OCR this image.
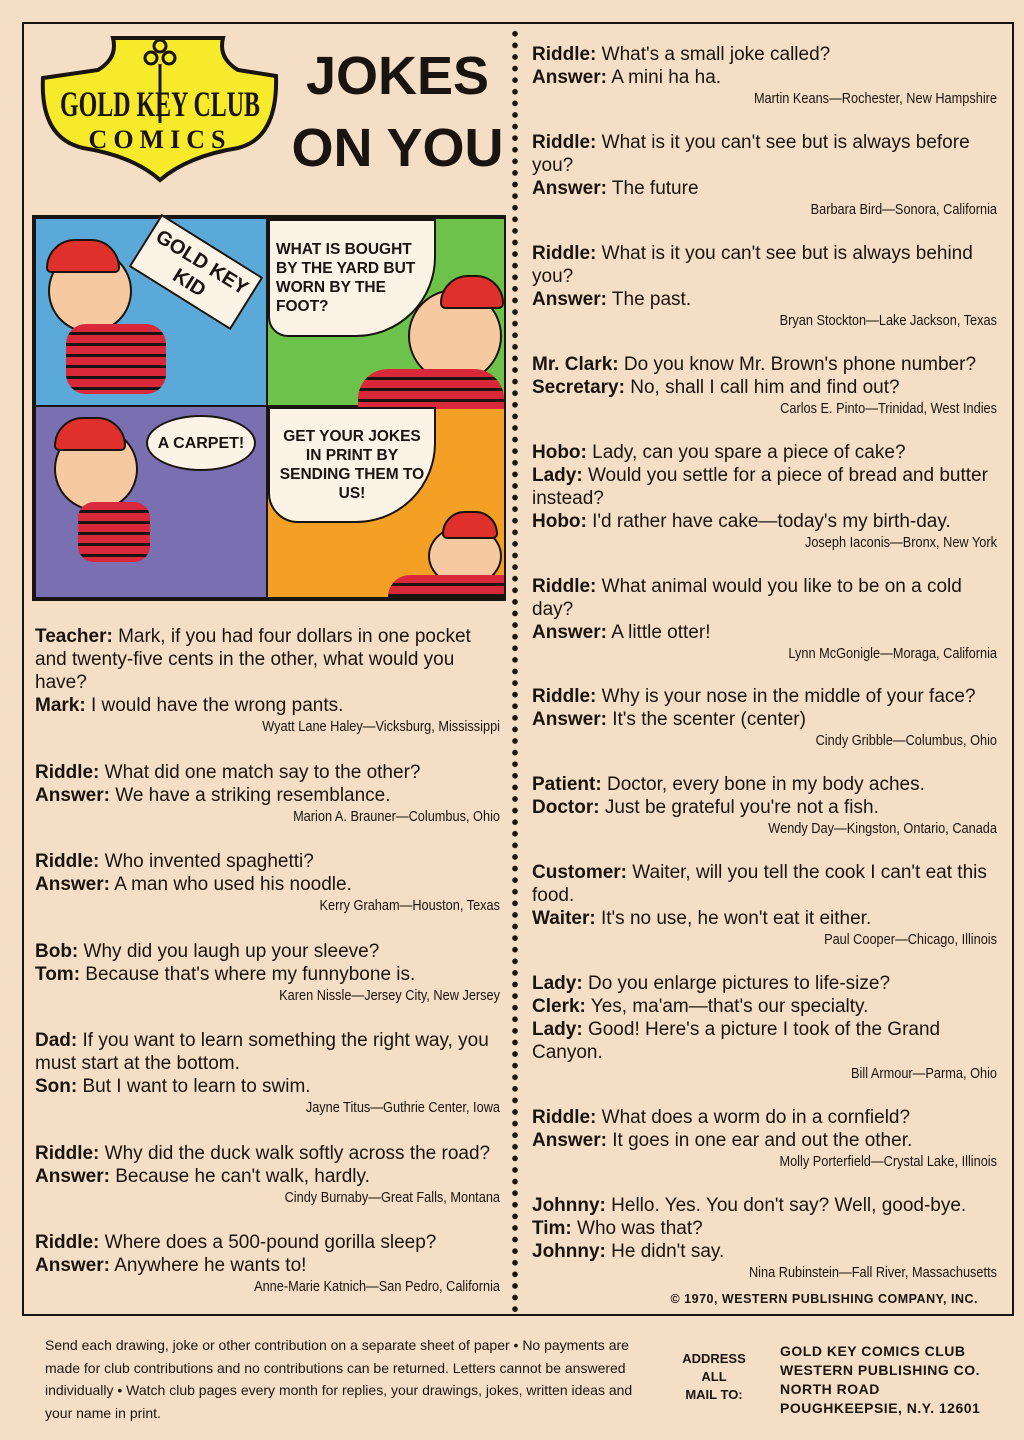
GOLD KEY CLUB
COMICS
JOKES
ON YOU
GOLD KEY KID
WHAT IS BOUGHT BY THE YARD BUT WORN BY THE FOOT?
A CARPET!	GET YOUR JOKES IN PRINT BY SENDING THEM TO US!
Teacher: Mark, if you had four dollars in one pocket and twenty-five cents in the other, what would you have?
Mark: I would have the wrong pants.
Wyatt Lane Haley—Vicksburg, Mississippi
Riddle: What did one match say to the other?
Answer: We have a striking resemblance.
Marion A. Brauner—Columbus, Ohio
Riddle: Who invented spaghetti?
Answer: A man who used his noodle.
Kerry Graham—Houston, Texas
Bob: Why did you laugh up your sleeve?
Tom: Because that's where my funnybone is.
Karen Nissle—Jersey City, New Jersey
Dad: If you want to learn something the right way, you must start at the bottom.
Son: But I want to learn to swim.
Jayne Titus—Guthrie Center, Iowa
Riddle: Why did the duck walk softly across the road?
Answer: Because he can't walk, hardly.
Cindy Burnaby—Great Falls, Montana
Riddle: Where does a 500-pound gorilla sleep?
Answer: Anywhere he wants to!
Anne-Marie Katnich—San Pedro, California
Riddle: What's a small joke called?
Answer: A mini ha ha.
Martin Keans—Rochester, New Hampshire
Riddle: What is it you can't see but is always before you?
Answer: The future
Barbara Bird—Sonora, California
Riddle: What is it you can't see but is always behind you?
Answer: The past.
Bryan Stockton—Lake Jackson, Texas
Mr. Clark: Do you know Mr. Brown's phone number?
Secretary: No, shall I call him and find out?
Carlos E. Pinto—Trinidad, West Indies
Hobo: Lady, can you spare a piece of cake?
Lady: Would you settle for a piece of bread and butter instead?
Hobo: I'd rather have cake—today's my birth-day.
Joseph Iaconis—Bronx, New York
Riddle: What animal would you like to be on a cold day?
Answer: A little otter!
Lynn McGonigle—Moraga, California
Riddle: Why is your nose in the middle of your face?
Answer: It's the scenter (center)
Cindy Gribble—Columbus, Ohio
Patient: Doctor, every bone in my body aches.
Doctor: Just be grateful you're not a fish.
Wendy Day—Kingston, Ontario, Canada
Customer: Waiter, will you tell the cook I can't eat this food.
Waiter: It's no use, he won't eat it either.
Paul Cooper—Chicago, Illinois
Lady: Do you enlarge pictures to life-size?
Clerk: Yes, ma'am—that's our specialty.
Lady: Good! Here's a picture I took of the Grand Canyon.
Bill Armour—Parma, Ohio
Riddle: What does a worm do in a cornfield?
Answer: It goes in one ear and out the other.
Molly Porterfield—Crystal Lake, Illinois
Johnny: Hello. Yes. You don't say? Well, good-bye.
Tim: Who was that?
Johnny: He didn't say.
Nina Rubinstein—Fall River, Massachusetts
© 1970, WESTERN PUBLISHING COMPANY, INC.
Send each drawing, joke or other contribution on a separate sheet of paper • No payments are made for club contributions and no contributions can be returned. Letters cannot be answered individually • Watch club pages every month for replies, your drawings, jokes, written ideas and your name in print.
ADDRESS
ALL
MAIL TO:
GOLD KEY COMICS CLUB
WESTERN PUBLISHING CO.
NORTH ROAD
POUGHKEEPSIE, N.Y. 12601
